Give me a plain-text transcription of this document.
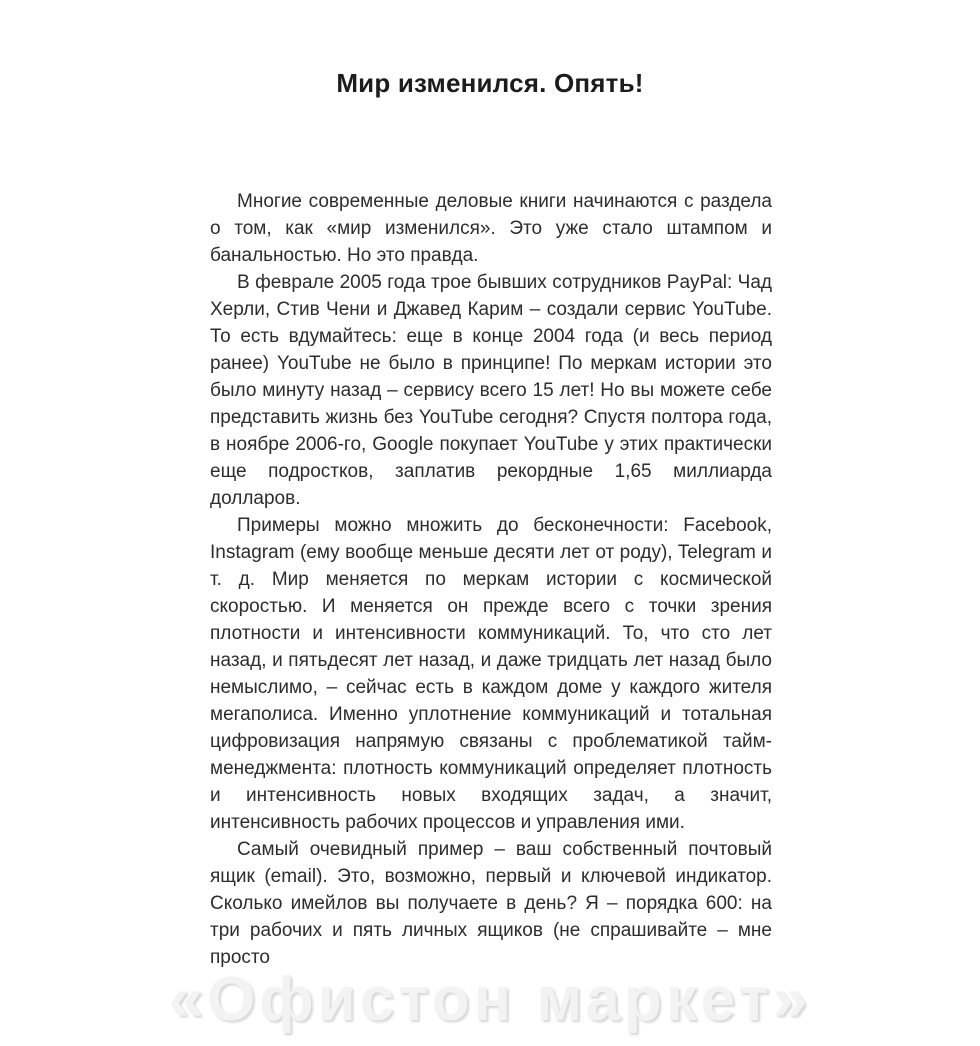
Мир изменился. Опять!

Многие современные деловые книги начинаются с раздела о том, как «мир изменился». Это уже стало штампом и банальностью. Но это правда.

В феврале 2005 года трое бывших сотрудников PayPal: Чад Херли, Стив Чени и Джавед Карим – создали сервис YouTube. То есть вдумайтесь: еще в конце 2004 года (и весь период ранее) YouTube не было в принципе! По меркам истории это было минуту назад – сервису всего 15 лет! Но вы можете себе представить жизнь без YouTube сегодня? Спустя полтора года, в ноябре 2006-го, Google покупает YouTube у этих практически еще подростков, заплатив рекордные 1,65 миллиарда долларов.

Примеры можно множить до бесконечности: Facebook, Instagram (ему вообще меньше десяти лет от роду), Telegram и т. д. Мир меняется по меркам истории с космической скоростью. И меняется он прежде всего с точки зрения плотности и интенсивности коммуникаций. То, что сто лет назад, и пятьдесят лет назад, и даже тридцать лет назад было немыслимо, – сейчас есть в каждом доме у каждого жителя мегаполиса. Именно уплотнение коммуникаций и тотальная цифровизация напрямую связаны с проблематикой тайм-менеджмента: плотность коммуникаций определяет плотность и интенсивность новых входящих задач, а значит, интенсивность рабочих процессов и управления ими.

Самый очевидный пример – ваш собственный почтовый ящик (email). Это, возможно, первый и ключевой индикатор. Сколько имейлов вы получаете в день? Я – порядка 600: на три рабочих и пять личных ящиков (не спрашивайте – мне просто

«Офистон маркет»
